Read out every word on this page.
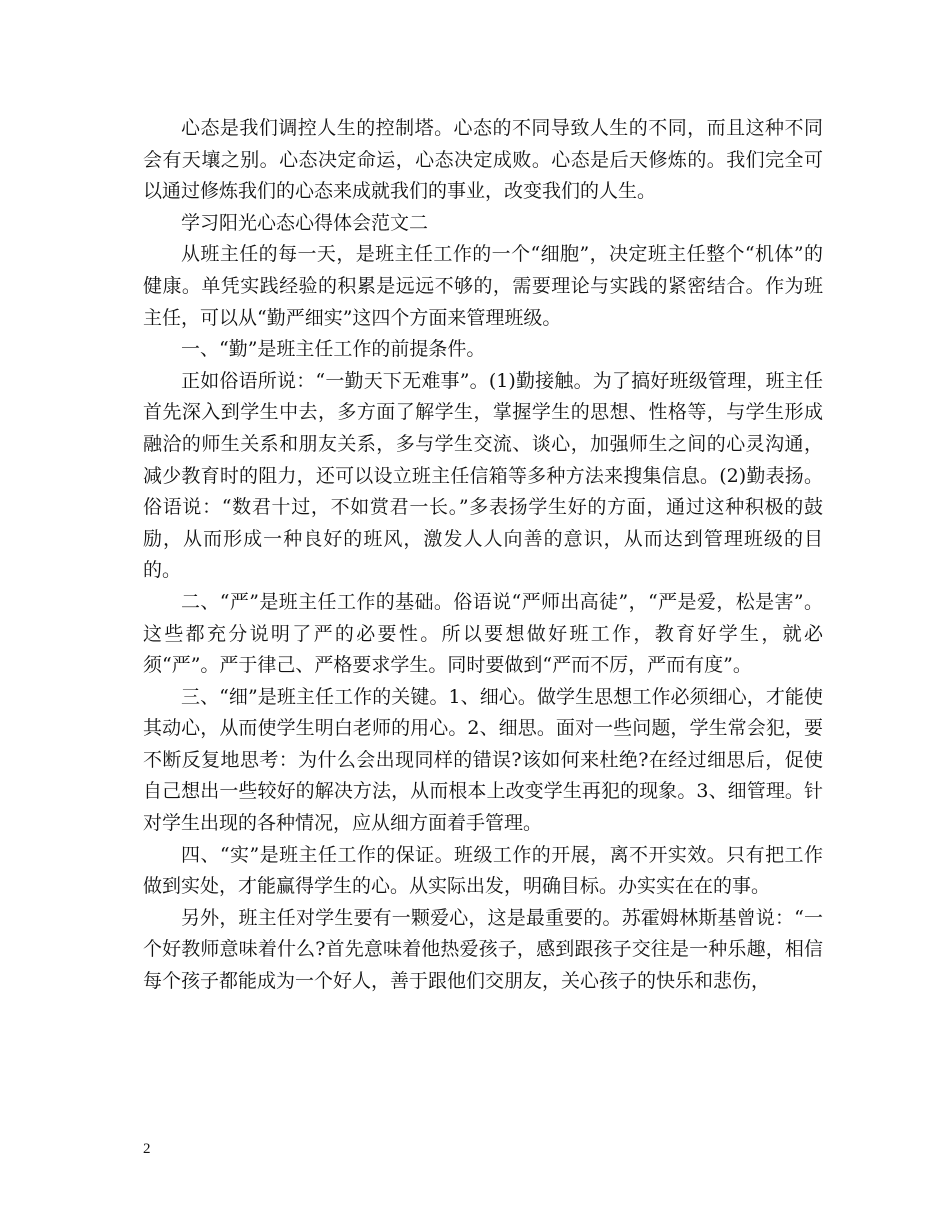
心态是我们调控人生的控制塔。心态的不同导致人生的不同，而且这种不同会有天壤之别。心态决定命运，心态决定成败。心态是后天修炼的。我们完全可以通过修炼我们的心态来成就我们的事业，改变我们的人生。

学习阳光心态心得体会范文二

从班主任的每一天，是班主任工作的一个“细胞”，决定班主任整个“机体”的健康。单凭实践经验的积累是远远不够的，需要理论与实践的紧密结合。作为班主任，可以从“勤严细实”这四个方面来管理班级。

一、“勤”是班主任工作的前提条件。

正如俗语所说：“一勤天下无难事”。(1)勤接触。为了搞好班级管理，班主任首先深入到学生中去，多方面了解学生，掌握学生的思想、性格等，与学生形成融洽的师生关系和朋友关系，多与学生交流、谈心，加强师生之间的心灵沟通，减少教育时的阻力，还可以设立班主任信箱等多种方法来搜集信息。(2)勤表扬。俗语说：“数君十过，不如赏君一长。”多表扬学生好的方面，通过这种积极的鼓励，从而形成一种良好的班风，激发人人向善的意识，从而达到管理班级的目的。

二、“严”是班主任工作的基础。俗语说“严师出高徒”，“严是爱，松是害”。这些都充分说明了严的必要性。所以要想做好班工作，教育好学生，就必须“严”。严于律己、严格要求学生。同时要做到“严而不厉，严而有度”。

三、“细”是班主任工作的关键。1、细心。做学生思想工作必须细心，才能使其动心，从而使学生明白老师的用心。2、细思。面对一些问题，学生常会犯，要不断反复地思考：为什么会出现同样的错误?该如何来杜绝?在经过细思后，促使自己想出一些较好的解决方法，从而根本上改变学生再犯的现象。3、细管理。针对学生出现的各种情况，应从细方面着手管理。

四、“实”是班主任工作的保证。班级工作的开展，离不开实效。只有把工作做到实处，才能赢得学生的心。从实际出发，明确目标。办实实在在的事。

另外，班主任对学生要有一颗爱心，这是最重要的。苏霍姆林斯基曾说：“一个好教师意味着什么?首先意味着他热爱孩子，感到跟孩子交往是一种乐趣，相信每个孩子都能成为一个好人，善于跟他们交朋友，关心孩子的快乐和悲伤，

2
